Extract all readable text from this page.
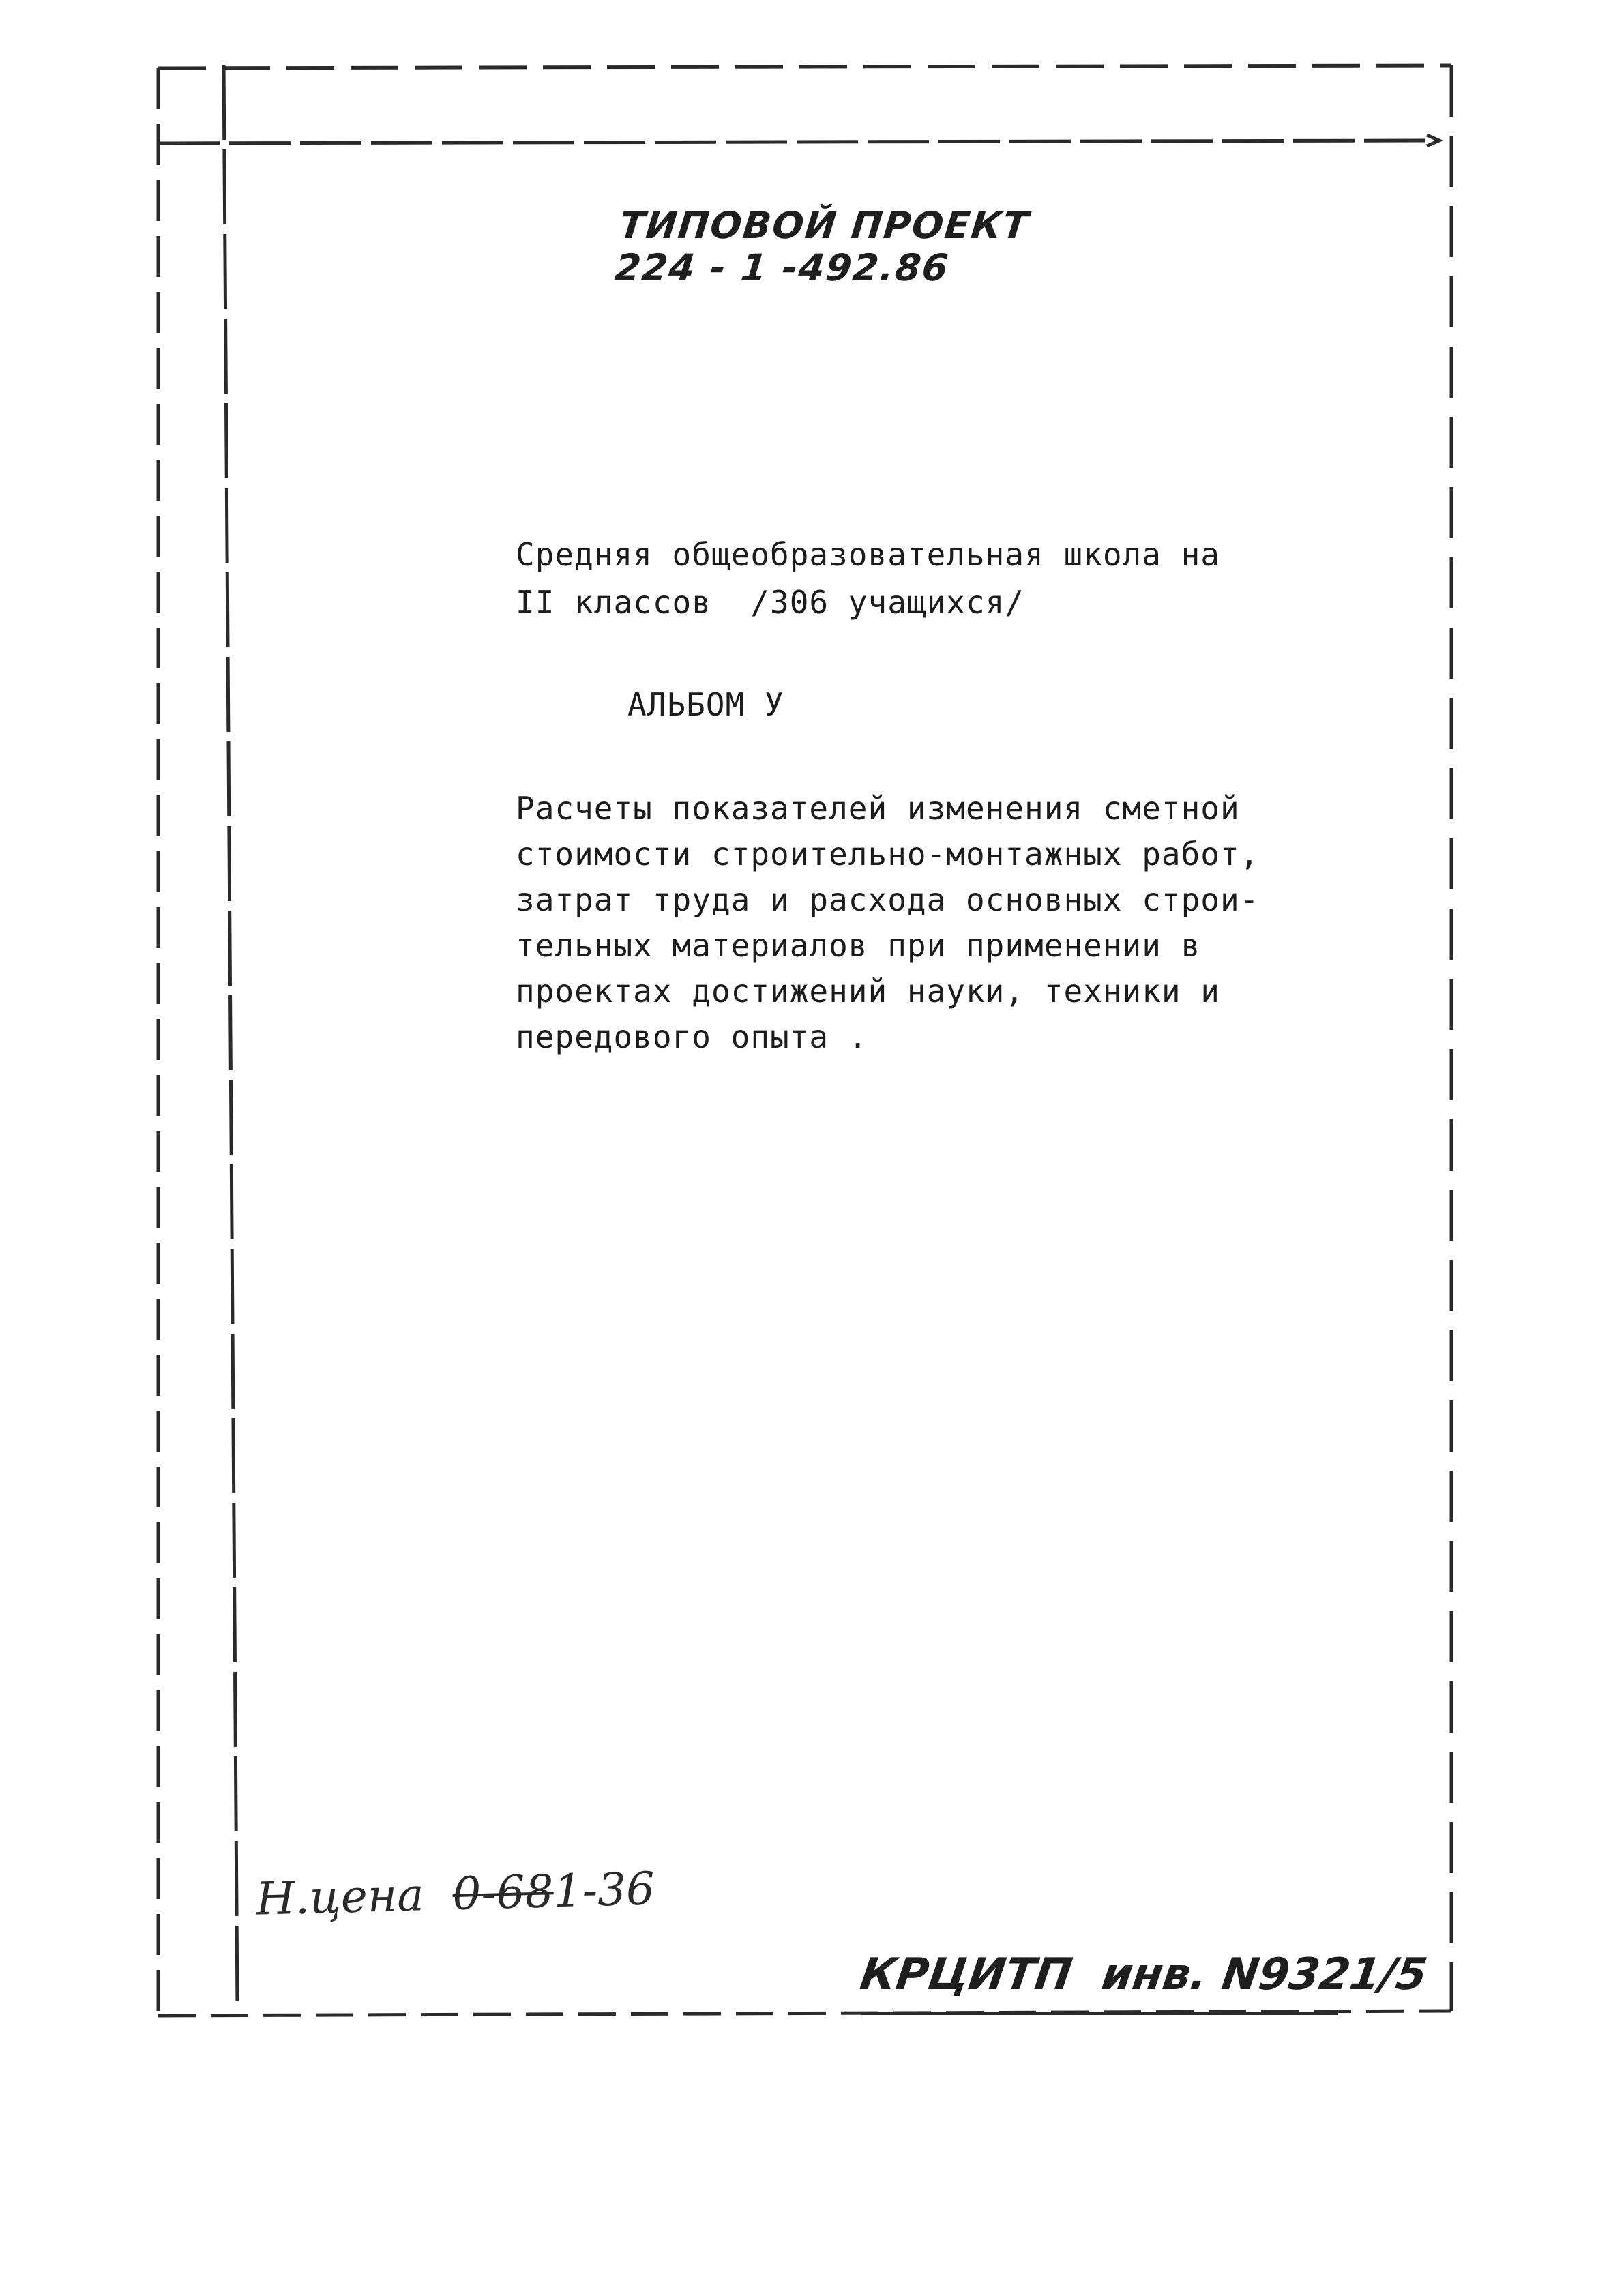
ТИПОВОЙ ПРОЕКТ
224 - 1 -492.86
Средняя общеобразовательная школа на
II классов  /306 учащихся/
АЛЬБОМ У
Расчеты показателей изменения сметной
стоимости строительно-монтажных работ,
затрат труда и расхода основных строи-
тельных материалов при применении в
проектах достижений науки, техники и
передового опыта .
Н.цена 0-681-36
КРЦИТП инв. N9321/5
